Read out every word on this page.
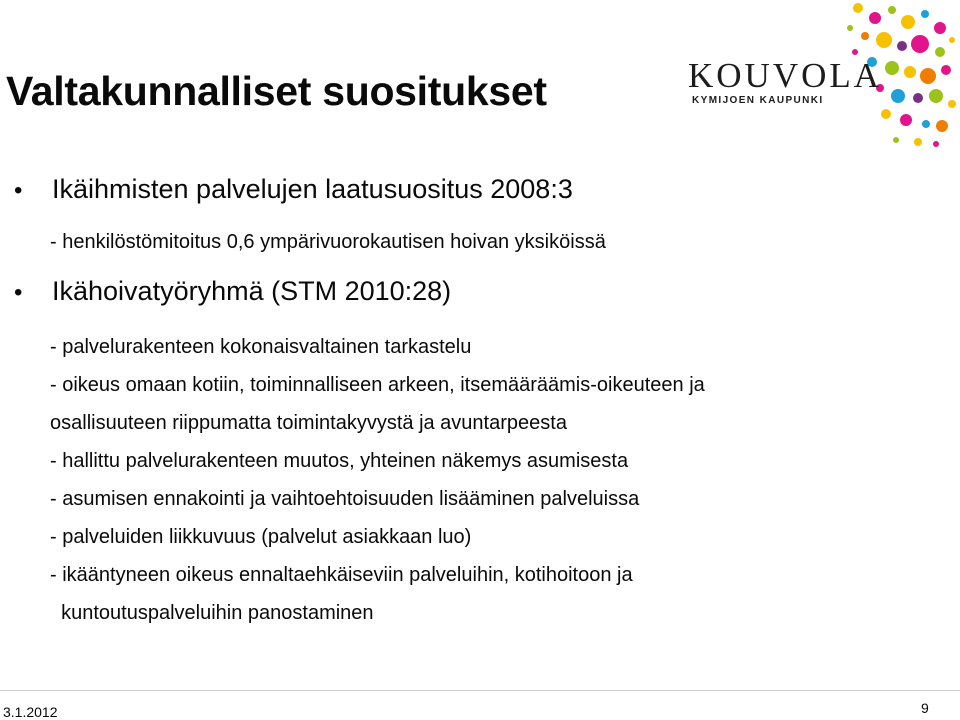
Valtakunnalliset suositukset	KOUVOLA
KYMIJOEN KAUPUNKI
• Ikäihmisten palvelujen laatusuositus 2008:3
- henkilöstömitoitus 0,6 ympärivuorokautisen hoivan yksiköissä
• Ikähoivatyöryhmä (STM 2010:28)
- palvelurakenteen kokonaisvaltainen tarkastelu
- oikeus omaan kotiin, toiminnalliseen arkeen, itsemääräämis-oikeuteen ja
osallisuuteen riippumatta toimintakyvystä ja avuntarpeesta
- hallittu palvelurakenteen muutos, yhteinen näkemys asumisesta
- asumisen ennakointi ja vaihtoehtoisuuden lisääminen palveluissa
- palveluiden liikkuvuus (palvelut asiakkaan luo)
- ikääntyneen oikeus ennaltaehkäiseviin palveluihin, kotihoitoon ja
kuntoutuspalveluihin panostaminen
3.1.2012	9
